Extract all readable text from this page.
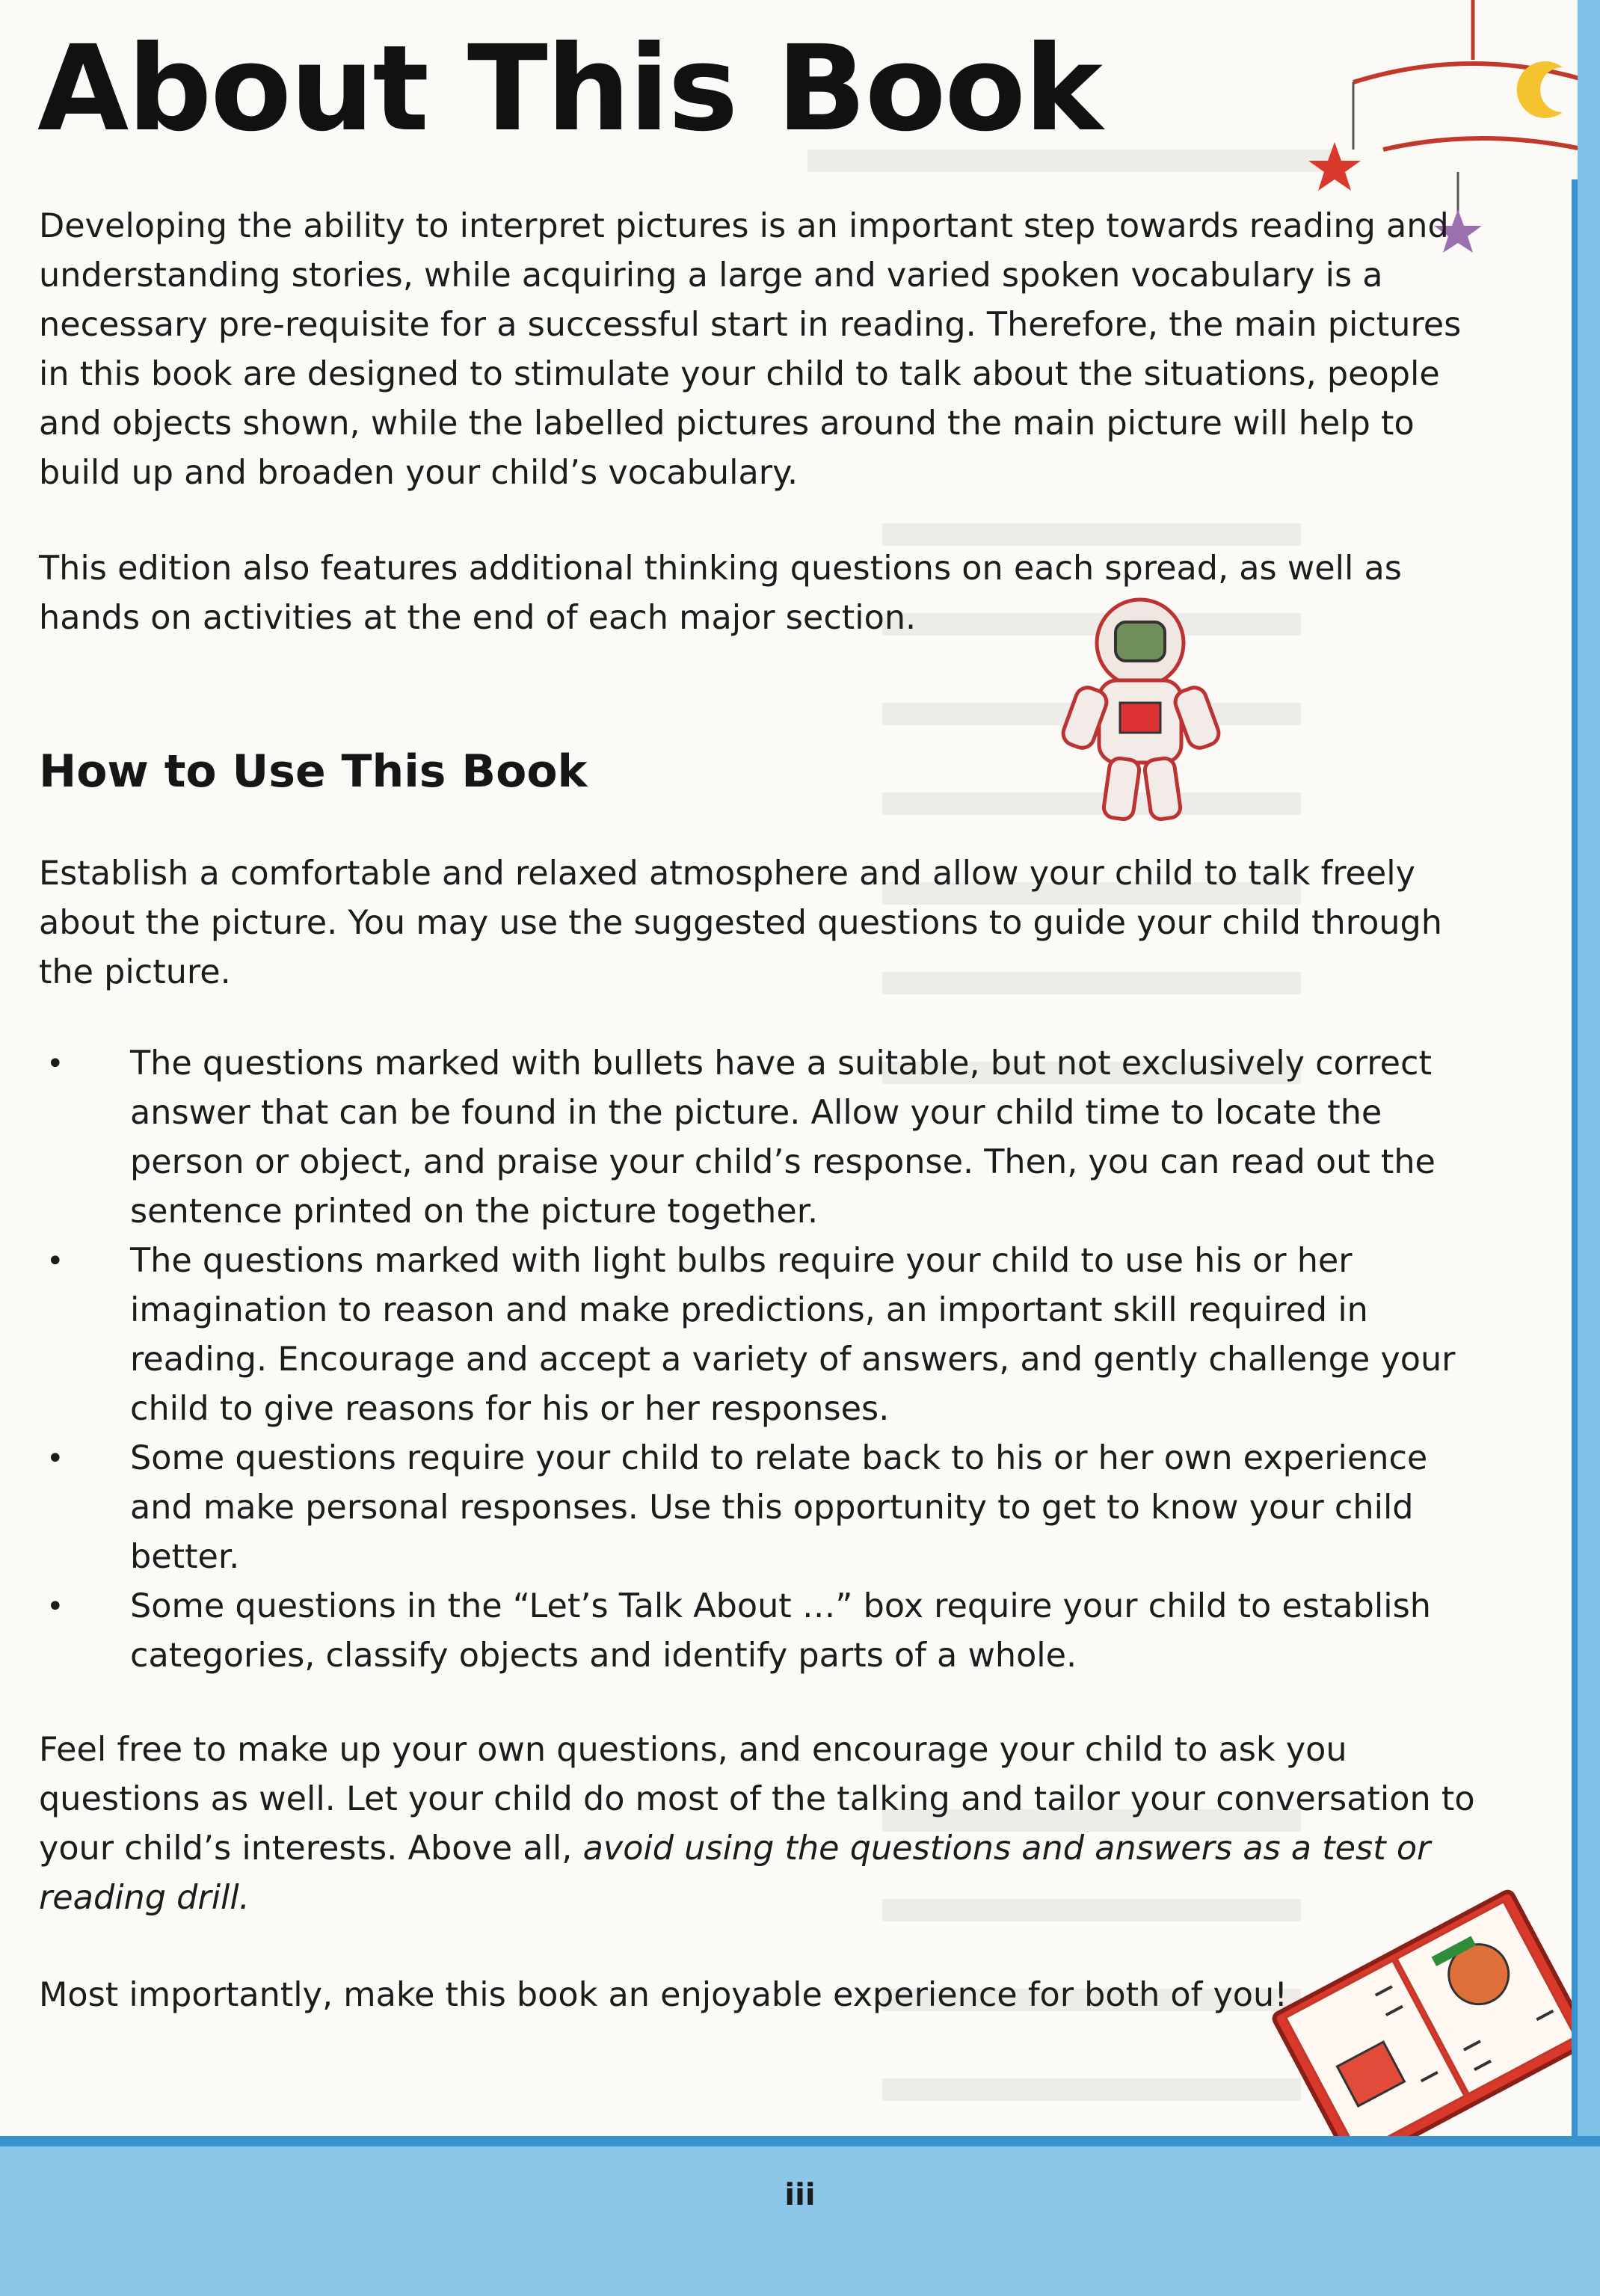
About This Book

Developing the ability to interpret pictures is an important step towards reading and understanding stories, while acquiring a large and varied spoken vocabulary is a necessary pre-requisite for a successful start in reading. Therefore, the main pictures in this book are designed to stimulate your child to talk about the situations, people and objects shown, while the labelled pictures around the main picture will help to build up and broaden your child’s vocabulary.

This edition also features additional thinking questions on each spread, as well as hands on activities at the end of each major section.

How to Use This Book

Establish a comfortable and relaxed atmosphere and allow your child to talk freely about the picture. You may use the suggested questions to guide your child through the picture.

• The questions marked with bullets have a suitable, but not exclusively correct answer that can be found in the picture. Allow your child time to locate the person or object, and praise your child’s response. Then, you can read out the sentence printed on the picture together.
• The questions marked with light bulbs require your child to use his or her imagination to reason and make predictions, an important skill required in reading. Encourage and accept a variety of answers, and gently challenge your child to give reasons for his or her responses.
• Some questions require your child to relate back to his or her own experience and make personal responses. Use this opportunity to get to know your child better.
• Some questions in the “Let’s Talk About …” box require your child to establish categories, classify objects and identify parts of a whole.

Feel free to make up your own questions, and encourage your child to ask you questions as well. Let your child do most of the talking and tailor your conversation to your child’s interests. Above all, avoid using the questions and answers as a test or reading drill.

Most importantly, make this book an enjoyable experience for both of you!

iii
